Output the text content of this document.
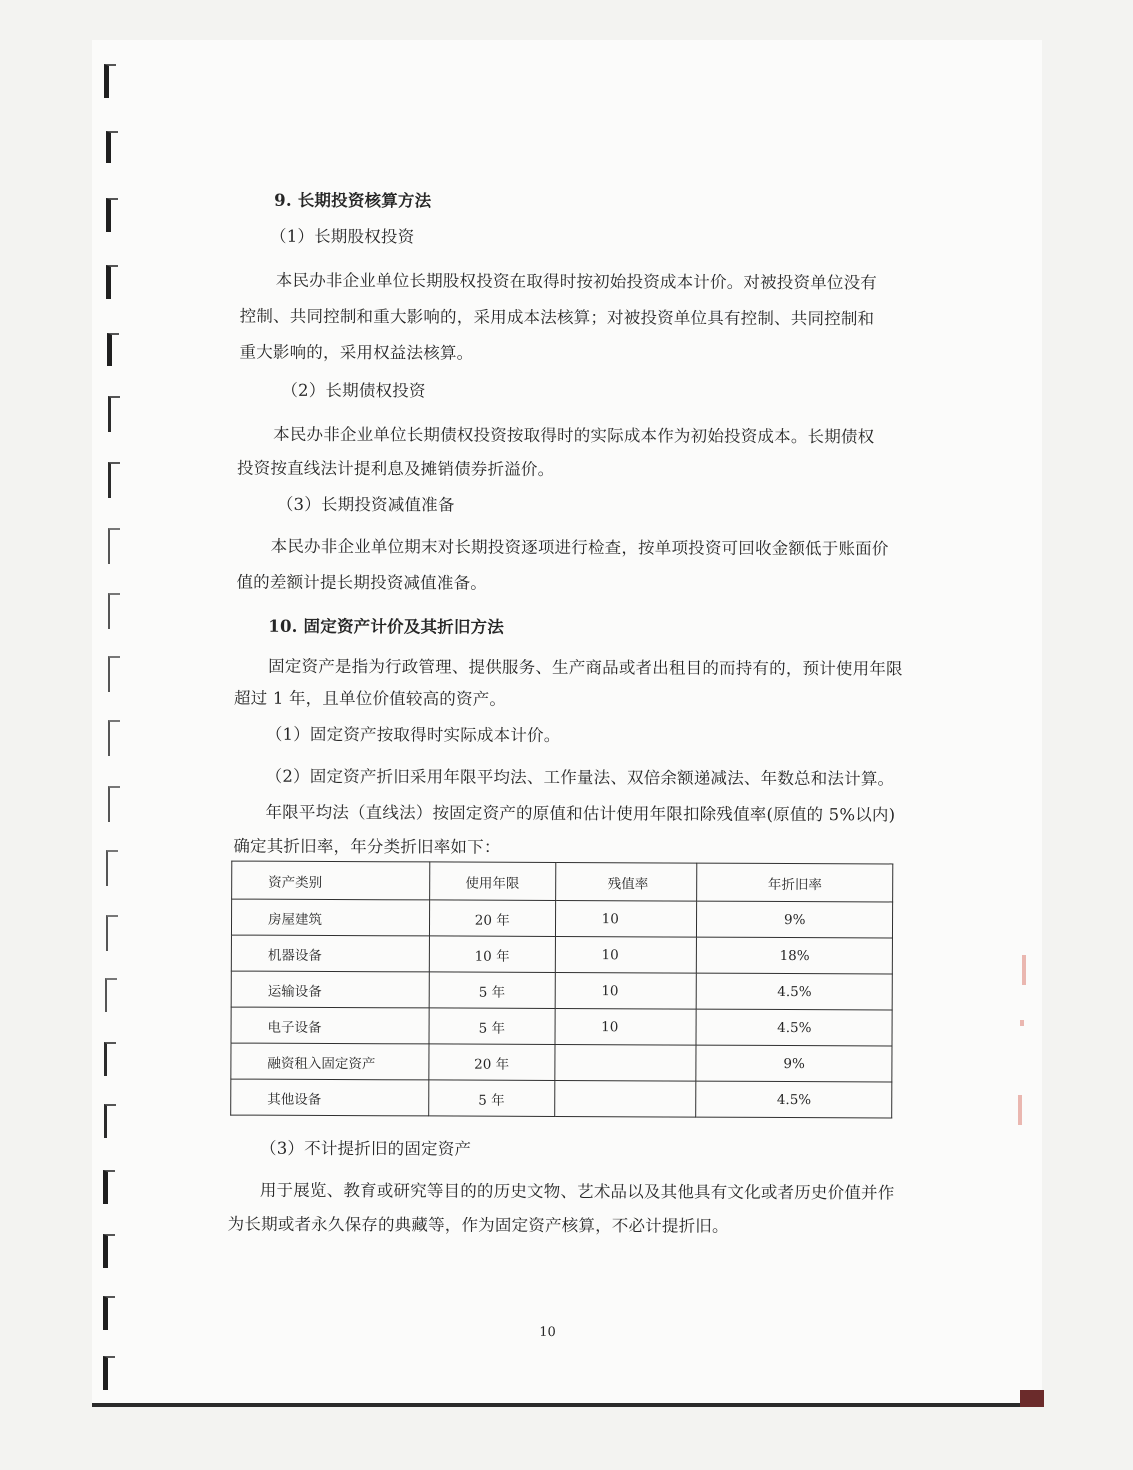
9. 长期投资核算方法
（1）长期股权投资
本民办非企业单位长期股权投资在取得时按初始投资成本计价。对被投资单位没有
控制、共同控制和重大影响的，采用成本法核算；对被投资单位具有控制、共同控制和
重大影响的，采用权益法核算。
（2）长期债权投资
本民办非企业单位长期债权投资按取得时的实际成本作为初始投资成本。长期债权
投资按直线法计提利息及摊销债券折溢价。
（3）长期投资减值准备
本民办非企业单位期末对长期投资逐项进行检查，按单项投资可回收金额低于账面价
值的差额计提长期投资减值准备。
10. 固定资产计价及其折旧方法
固定资产是指为行政管理、提供服务、生产商品或者出租目的而持有的，预计使用年限
超过 1 年，且单位价值较高的资产。
（1）固定资产按取得时实际成本计价。
（2）固定资产折旧采用年限平均法、工作量法、双倍余额递减法、年数总和法计算。
年限平均法（直线法）按固定资产的原值和估计使用年限扣除残值率(原值的 5%以内)
确定其折旧率，年分类折旧率如下：
资产类别	使用年限	残值率	年折旧率
房屋建筑	20 年	10	9%
机器设备	10 年	10	18%
运输设备	5 年	10	4.5%
电子设备	5 年	10	4.5%
融资租入固定资产	20 年		9%
其他设备	5 年		4.5%
（3）不计提折旧的固定资产
用于展览、教育或研究等目的的历史文物、艺术品以及其他具有文化或者历史价值并作
为长期或者永久保存的典藏等，作为固定资产核算，不必计提折旧。
10
